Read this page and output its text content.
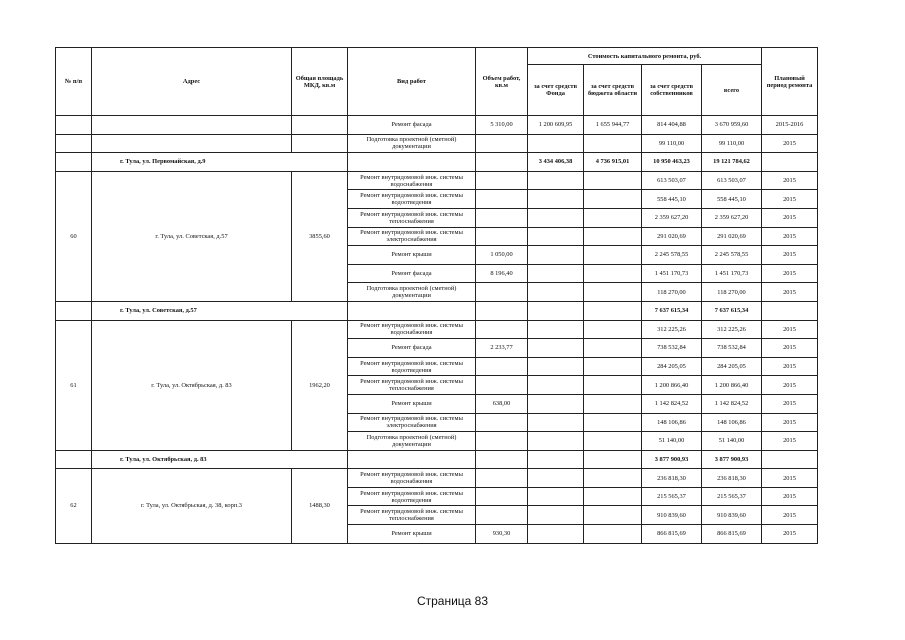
№ п/п	Адрес	Общая площадь МКД, кв.м	Вид работ	Объем работ, кв.м	Стоимость капитального ремонта, руб.				Плановый период ремонта
					за счет средств Фонда	за счет средств бюджета области	за счет средств собственников	всего	
			Ремонт фасада	5 310,00	1 200 609,95	1 655 944,77	814 404,88	3 670 959,60	2015-2016
			Подготовка проектной (сметной) документации				99 110,00	99 110,00	2015
	г. Тула, ул. Первомайская, д.9				3 434 406,38	4 736 915,01	10 950 463,23	19 121 784,62	
60	г. Тула, ул. Советская, д.57	3855,60	Ремонт внутридомовой инж. системы водоснабжения				613 503,07	613 503,07	2015
			Ремонт внутридомовой инж. системы водоотведения				558 445,10	558 445,10	2015
			Ремонт внутридомовой инж. системы теплоснабжения				2 359 627,20	2 359 627,20	2015
			Ремонт внутридомовой инж. системы электроснабжения				291 020,69	291 020,69	2015
			Ремонт крыши	1 050,00			2 245 578,55	2 245 578,55	2015
			Ремонт фасада	8 196,40			1 451 170,73	1 451 170,73	2015
			Подготовка проектной (сметной) документации				118 270,00	118 270,00	2015
	г. Тула, ул. Советская, д.57						7 637 615,34	7 637 615,34	
61	г. Тула, ул. Октябрьская, д. 83	1962,20	Ремонт внутридомовой инж. системы водоснабжения				312 225,26	312 225,26	2015
			Ремонт фасада	2 233,77			738 532,84	738 532,84	2015
			Ремонт внутридомовой инж. системы водоотведения				284 205,05	284 205,05	2015
			Ремонт внутридомовой инж. системы теплоснабжения				1 200 866,40	1 200 866,40	2015
			Ремонт крыши	638,00			1 142 824,52	1 142 824,52	2015
			Ремонт внутридомовой инж. системы электроснабжения				148 106,86	148 106,86	2015
			Подготовка проектной (сметной) документации				51 140,00	51 140,00	2015
	г. Тула, ул. Октябрьская, д. 83						3 877 900,93	3 877 900,93	
62	г. Тула, ул. Октябрьская, д. 38, корп.3	1488,30	Ремонт внутридомовой инж. системы водоснабжения				236 818,30	236 818,30	2015
			Ремонт внутридомовой инж. системы водоотведения				215 565,37	215 565,37	2015
			Ремонт внутридомовой инж. системы теплоснабжения				910 839,60	910 839,60	2015
			Ремонт крыши	930,30			866 815,69	866 815,69	2015
Страница 83
